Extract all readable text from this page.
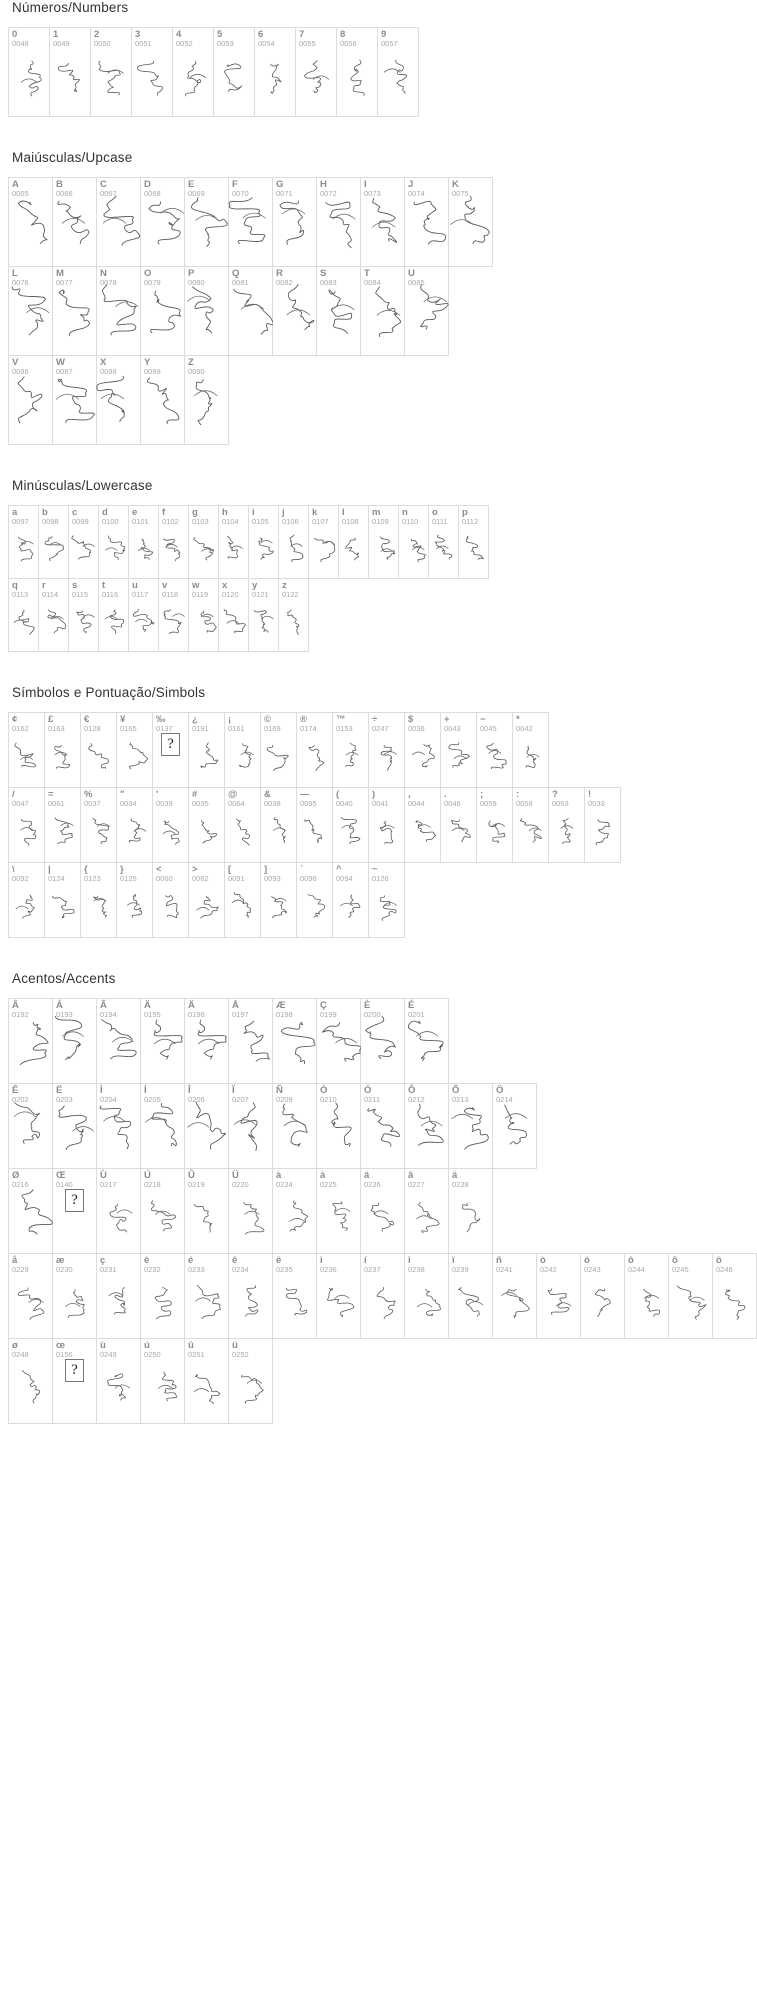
Números/Numbers
0
0048
1
0049
2
0050
3
0051
4
0052
5
0053
6
0054
7
0055
8
0056
9
0057
Maiúsculas/Upcase
A
0065
B
0066
C
0067
D
0068
E
0069
F
0070
G
0071
H
0072
I
0073
J
0074
K
0075
L
0076
M
0077
N
0078
O
0079
P
0080
Q
0081
R
0082
S
0083
T
0084
U
0085
V
0086
W
0087
X
0088
Y
0089
Z
0090
Minúsculas/Lowercase
a
0097
b
0098
c
0099
d
0100
e
0101
f
0102
g
0103
h
0104
i
0105
j
0106
k
0107
l
0108
m
0109
n
0110
o
0111
p
0112
q
0113
r
0114
s
0115
t
0116
u
0117
v
0118
w
0119
x
0120
y
0121
z
0122
Símbolos e Pontuação/Simbols
¢
0162
£
0163
€
0128
¥
0165
‰
0137
?
¿
0191
¡
0161
©
0169
®
0174
™
0153
÷
0247
$
0036
+
0043
−
0045
*
0042
/
0047
=
0061
%
0037
"
0034
'
0039
#
0035
@
0064
&
0038
—
0095
(
0040
)
0041
,
0044
.
0046
;
0059
:
0058
?
0063
!
0033
\
0092
|
0124
{
0123
}
0125
<
0060
>
0062
[
0091
]
0093
`
0096
^
0094
~
0126
Acentos/Accents
Â
0192
Á
0193
Ã
0194
Ä
0195
Ä
0196
Å
0197
Æ
0198
Ç
0199
È
0200
É
0201
Ê
0202
Ë
0203
Ì
0204
Í
0205
Î
0206
Ï
0207
Ñ
0209
Ò
0210
Ó
0211
Ô
0212
Õ
0213
Ö
0214
Ø
0216
Œ
0140
?
Ù
0217
Ú
0218
Û
0219
Ü
0220
à
0224
á
0225
â
0226
ã
0227
ä
0228
å
0229
æ
0230
ç
0231
è
0232
é
0233
ê
0234
ë
0235
ì
0236
í
0237
î
0238
ï
0239
ñ
0241
ò
0242
ó
0243
ô
0244
õ
0245
ö
0246
ø
0248
œ
0156
?
ù
0249
ú
0250
û
0251
ü
0252
